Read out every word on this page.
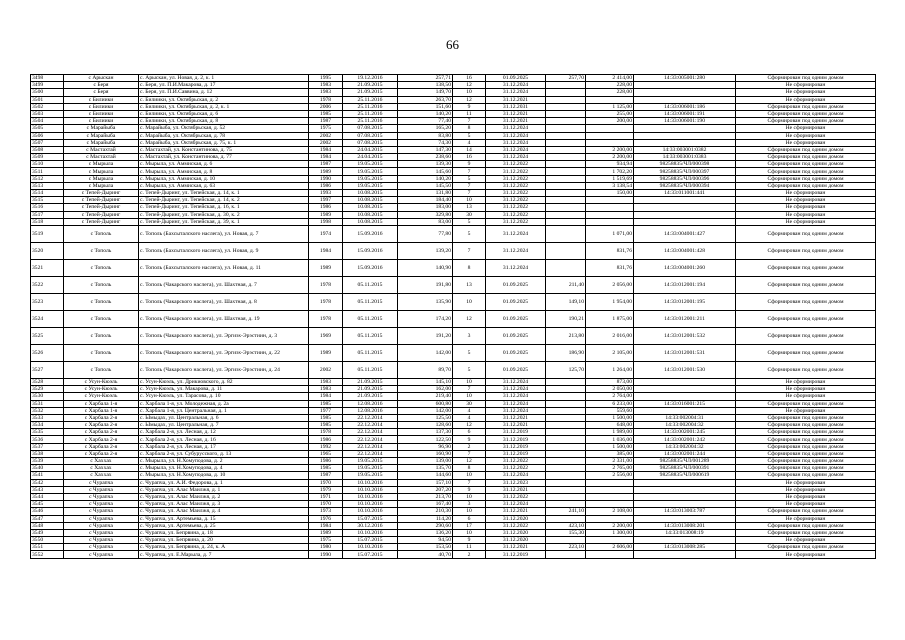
66
3498	с Арыскан	с. Арыскан, ул. Новая, д. 2, к. 1	1995	19.12.2016	257,71	16	01.09.2025	257,70	2 414,00	14:33:005001:280	Сформирован под одним домом
3499	с Беря	с. Беря, ул. П.И.Макарова, д. 17	1983	21.09.2015	138,50	12	31.12.2024		228,00		Не сформирован
3500	с Беря	с. Беря, ул. П.И.Саввина, д. 12	1983	21.09.2015	149,70	10	31.12.2024		228,00		Не сформирован
3501	с Билиики	с. Билиики, ул. Октябрьская, д. 2	1978	25.11.2016	263,70	12	31.12.2021				Не сформирован
3502	с Билиики	с. Билиики, ул. Октябрьская, д. 2, к. 1	2006	25.11.2016	151,60	9	31.12.2031		1 125,00	14:33:006001:186	Сформирован под одним домом
3503	с Билиики	с. Билиики, ул. Октябрьская, д. 6	1985	25.11.2016	140,20	11	31.12.2021		255,00	14:33:006001:191	Сформирован под одним домом
3504	с Билиики	с. Билиики, ул. Октябрьская, д. 8	1987	25.11.2016	77,40	7	31.12.2021		200,00	14:33:006001:190	Сформирован под одним домом
3505	с Марайыба	с. Марайыба, ул. Октябрьская, д. 52	1975	07.08.2015	165,20	8	31.12.2024				Не сформирован
3506	с Марайыба	с. Марайыба, ул. Октябрьская, д. 78	2002	07.08.2015	83,80	5	31.12.2024				Не сформирован
3507	с Марайыба	с. Марайыба, ул. Октябрьская, д. 75, к. 1	2002	07.08.2015	74,30	4	31.12.2024				Не сформирован
3508	с Мастахтай	с. Мастахтай, ул. Константинова, д. 75	1984	24.04.2015	147,30	14	31.12.2024		2 200,00	14:33:003001:0382	Сформирован под одним домом
3509	с Мастахтай	с. Мастахтай, ул. Константинова, д. 77	1984	24.04.2015	238,60	16	31.12.2024		2 200,00	14:33:003001:0383	Сформирован под одним домом
3510	с Мырыла	с. Мырыла, ул. Аммиская, д. 6	1987	19.05.2015	139,30	9	31.12.2022		934,94	98258835/ЧЛ/000398	Сформирован под одним домом
3511	с Мырыла	с. Мырыла, ул. Аммиская, д. 8	1989	19.05.2015	145,60	7	31.12.2022		1 702,20	98258835/ЧЛ/000397	Сформирован под одним домом
3512	с Мырыла	с. Мырыла, ул. Аммиская, д. 10	1990	19.05.2015	140,20	5	31.12.2022		1 519,69	98258835/ЧЛ/000396	Сформирован под одним домом
3513	с Мырыла	с. Мырыла, ул. Аммиская, д. 63	1986	19.05.2015	145,50	7	31.12.2022		3 138,54	98258835/ЧЛ/000394	Сформирован под одним домом
3514	с Тепей-Дыринг	с. Тепей-Дыринг, ул. Тепейская, д. 14, к. 1	1993	10.08.2015	131,80	7	31.12.2022		150,00	14:33:011001:441	Не сформирован
3515	с Тепей-Дыринг	с. Тепей-Дыринг, ул. Тепейская, д. 14, к. 2	1997	10.08.2015	184,40	10	31.12.2022				Не сформирован
3516	с Тепей-Дыринг	с. Тепей-Дыринг, ул. Тепейская, д. 16, к. 1	1986	10.08.2015	183,00	13	31.12.2022				Не сформирован
3517	с Тепей-Дыринг	с. Тепей-Дыринг, ул. Тепейская, д. 30, к. 2	1989	10.08.2015	329,80	30	31.12.2022				Не сформирован
3518	с Тепей-Дыринг	с. Тепей-Дыринг, ул. Тепейская, д. 39, к. 1	1998	10.08.2015	83,00	5	31.12.2022				Не сформирован
3519	с Тополь	с. Тополь (Бахсыталского наслега), ул. Новая, д. 7	1974	15.09.2016	77,80	5	31.12.2024		1 071,00	14:33:004001:427	Сформирован под одним домом
3520	с Тополь	с. Тополь (Бахсыталского наслега), ул. Новая, д. 9	1984	15.09.2016	139,20	7	31.12.2024		831,76	14:33:004001:428	Сформирован под одним домом
3521	с Тополь	с. Тополь (Бахсыталского наслега), ул. Новая, д. 11	1989	15.09.2016	140,90	8	31.12.2024		831,76	14:33:004001:260	Сформирован под одним домом
3522	с Тополь	с. Тополь (Чакарского наслега), ул. Шахтная, д. 7	1978	05.11.2015	191,80	13	01.09.2025	211,40	2 056,00	14:33:012001:194	Сформирован под одним домом
3523	с Тополь	с. Тополь (Чакарского наслега), ул. Шахтная, д. 8	1978	05.11.2015	135,90	10	01.09.2025	149,10	1 954,00	14:33:012001:195	Сформирован под одним домом
3524	с Тополь	с. Тополь (Чакарского наслега), ул. Шахтная, д. 19	1978	05.11.2015	174,20	12	01.09.2025	190,21	1 875,00	14:33:012001:211	Сформирован под одним домом
3525	с Тополь	с. Тополь (Чакарского наслега), ул. Эргиэх-Эрэстиин, д. 3	1969	05.11.2015	191,20	3	01.09.2025	213,80	2 016,00	14:33:012001:532	Сформирован под одним домом
3526	с Тополь	с. Тополь (Чакарского наслега), ул. Эргиэх-Эрэстиин, д. 22	1989	05.11.2015	142,00	5	01.09.2025	186,90	2 105,00	14:33:012001:531	Сформирован под одним домом
3527	с Тополь	с. Тополь (Чакарского наслега), ул. Эргиэх-Эрэстиин, д. 24	2002	05.11.2015	89,70	5	01.09.2025	125,70	1 264,00	14:33:012001:530	Сформирован под одним домом
3528	с Усун-Кюэль	с. Усун-Кюэль, ул. Дрикиовского, д. 82	1983	21.09.2015	145,10	10	31.12.2024		873,00		Не сформирован
3529	с Усун-Кюэль	с. Усун-Кюэль, ул. Макарова, д. 11	1983	21.09.2015	162,00	7	31.12.2024		2 050,00		Не сформирован
3530	с Усун-Кюэль	с. Усун-Кюэль, ул. Тарасова, д. 10	1984	21.09.2015	219,40	10	31.12.2024		2 764,00		Не сформирован
3531	с Харбала 1-я	с. Харбала 1-я, ул. Молодежная, д. 2а	1985	12.08.2016	600,80	30	31.12.2024		6 233,00	14:33:016001:215	Сформирован под одним домом
3532	с Харбала 1-я	с. Харбала 1-я, ул. Центральная, д. 1	1977	12.08.2016	142,00	4	31.12.2024		559,60		Не сформирован
3533	с Харбала 2-я	с. Ымыдах, ул. Центральная, д. 6	1985	22.12.2014	125,50	4	31.12.2021		1 500,00	14:33:002004:31	Сформирован под одним домом
3534	с Харбала 2-я	с. Ымыдах, ул. Центральная, д. 7	1985	22.12.2014	128,60	12	31.12.2021		648,00	14:33:002004:32	Сформирован под одним домом
3535	с Харбала 2-я	с. Харбала 2-я, ул. Лесная, д. 12	1978	22.12.2014	137,30	6	31.12.2019		1 989,00	14:33:002001:245	Сформирован под одним домом
3536	с Харбала 2-я	с. Харбала 2-я, ул. Лесная, д. 16	1986	22.12.2014	122,50	9	31.12.2019		1 036,00	14:33:002001:242	Сформирован под одним домом
3537	с Харбала 2-я	с. Харбала 2-я, ул. Лесная, д. 17	1992	22.12.2014	96,90	2	31.12.2019		1 500,00	14:33:002004:32	Сформирован под одним домом
3538	с Харбала 2-я	с. Харбала 2-я, ул. Субурусского, д. 13	1965	22.12.2014	160,90	7	31.12.2019		385,00	14:33:002001:244	Сформирован под одним домом
3539	с Хаххах	с. Мырыла, ул. Н.Хомуподова, д. 2	1986	19.05.2015	139,00	12	31.12.2022		2 331,00	98258835/ЧЛ/001289	Сформирован под одним домом
3540	с Хаххах	с. Мырыла, ул. Н.Хомуподова, д. 4	1985	19.05.2015	135,70	8	31.12.2022		2 765,00	98258835/ЧЛ/000391	Сформирован под одним домом
3541	с Хаххах	с. Мырыла, ул. Н.Хомуподова, д. 10	1987	19.05.2015	144,60	10	31.12.2024		2 556,00	98258835/ЧЛ/000619	Сформирован под одним домом
3542	с Чурапча	с. Чурапча, ул. А.И. Федорова, д. 1	1970	10.10.2016	157,10	7	31.12.2023				Не сформирован
3543	с Чурапча	с. Чурапча, ул. Алас Маилжя, д. 1	1979	10.10.2016	207,20	9	31.12.2021				Не сформирован
3544	с Чурапча	с. Чурапча, ул. Алас Маилжя, д. 2	1971	10.10.2016	213,70	10	31.12.2022				Не сформирован
3545	с Чурапча	с. Чурапча, ул. Алас Маилжя, д. 3	1970	10.10.2016	167,40	3	31.12.2024				Не сформирован
3546	с Чурапча	с. Чурапча, ул. Алас Маилжя, д. 4	1973	10.10.2016	210,30	10	31.12.2021	241,10	2 108,00	14:33:013003:787	Сформирован под одним домом
3547	с Чурапча	с. Чурапча, ул. Артемьева, д. 15	1976	15.07.2015	114,20	6	31.12.2020				Не сформирован
3548	с Чурапча	с. Чурапча, ул. Артемьева, д. 25	1984	30.12.2016	290,60	17	31.12.2022	423,10	2 200,00	14:33:013008:201	Сформирован под одним домом
3549	с Чурапча	с. Чурапча, ул. Бепрвина, д. 18	1989	10.10.2016	136,20	10	31.12.2020	155,30	1 300,00	14:33:013008:19	Сформирован под одним домом
3550	с Чурапча	с. Чурапча, ул. Бепрвина, д. 20	1975	15.07.2015	94,50	9	31.12.2020				Не сформирован
3551	с Чурапча	с. Чурапча, ул. Бепрвина, д. 24, к. А	1980	10.10.2016	153,50	11	31.12.2021	223,10	2 606,00	14:33:013008:285	Сформирован под одним домом
3552	с Чурапча	с. Чурапча, ул. Е.Марыла, д. 7	1990	15.07.2015	40,70	2	31.12.2019				Не сформирован
